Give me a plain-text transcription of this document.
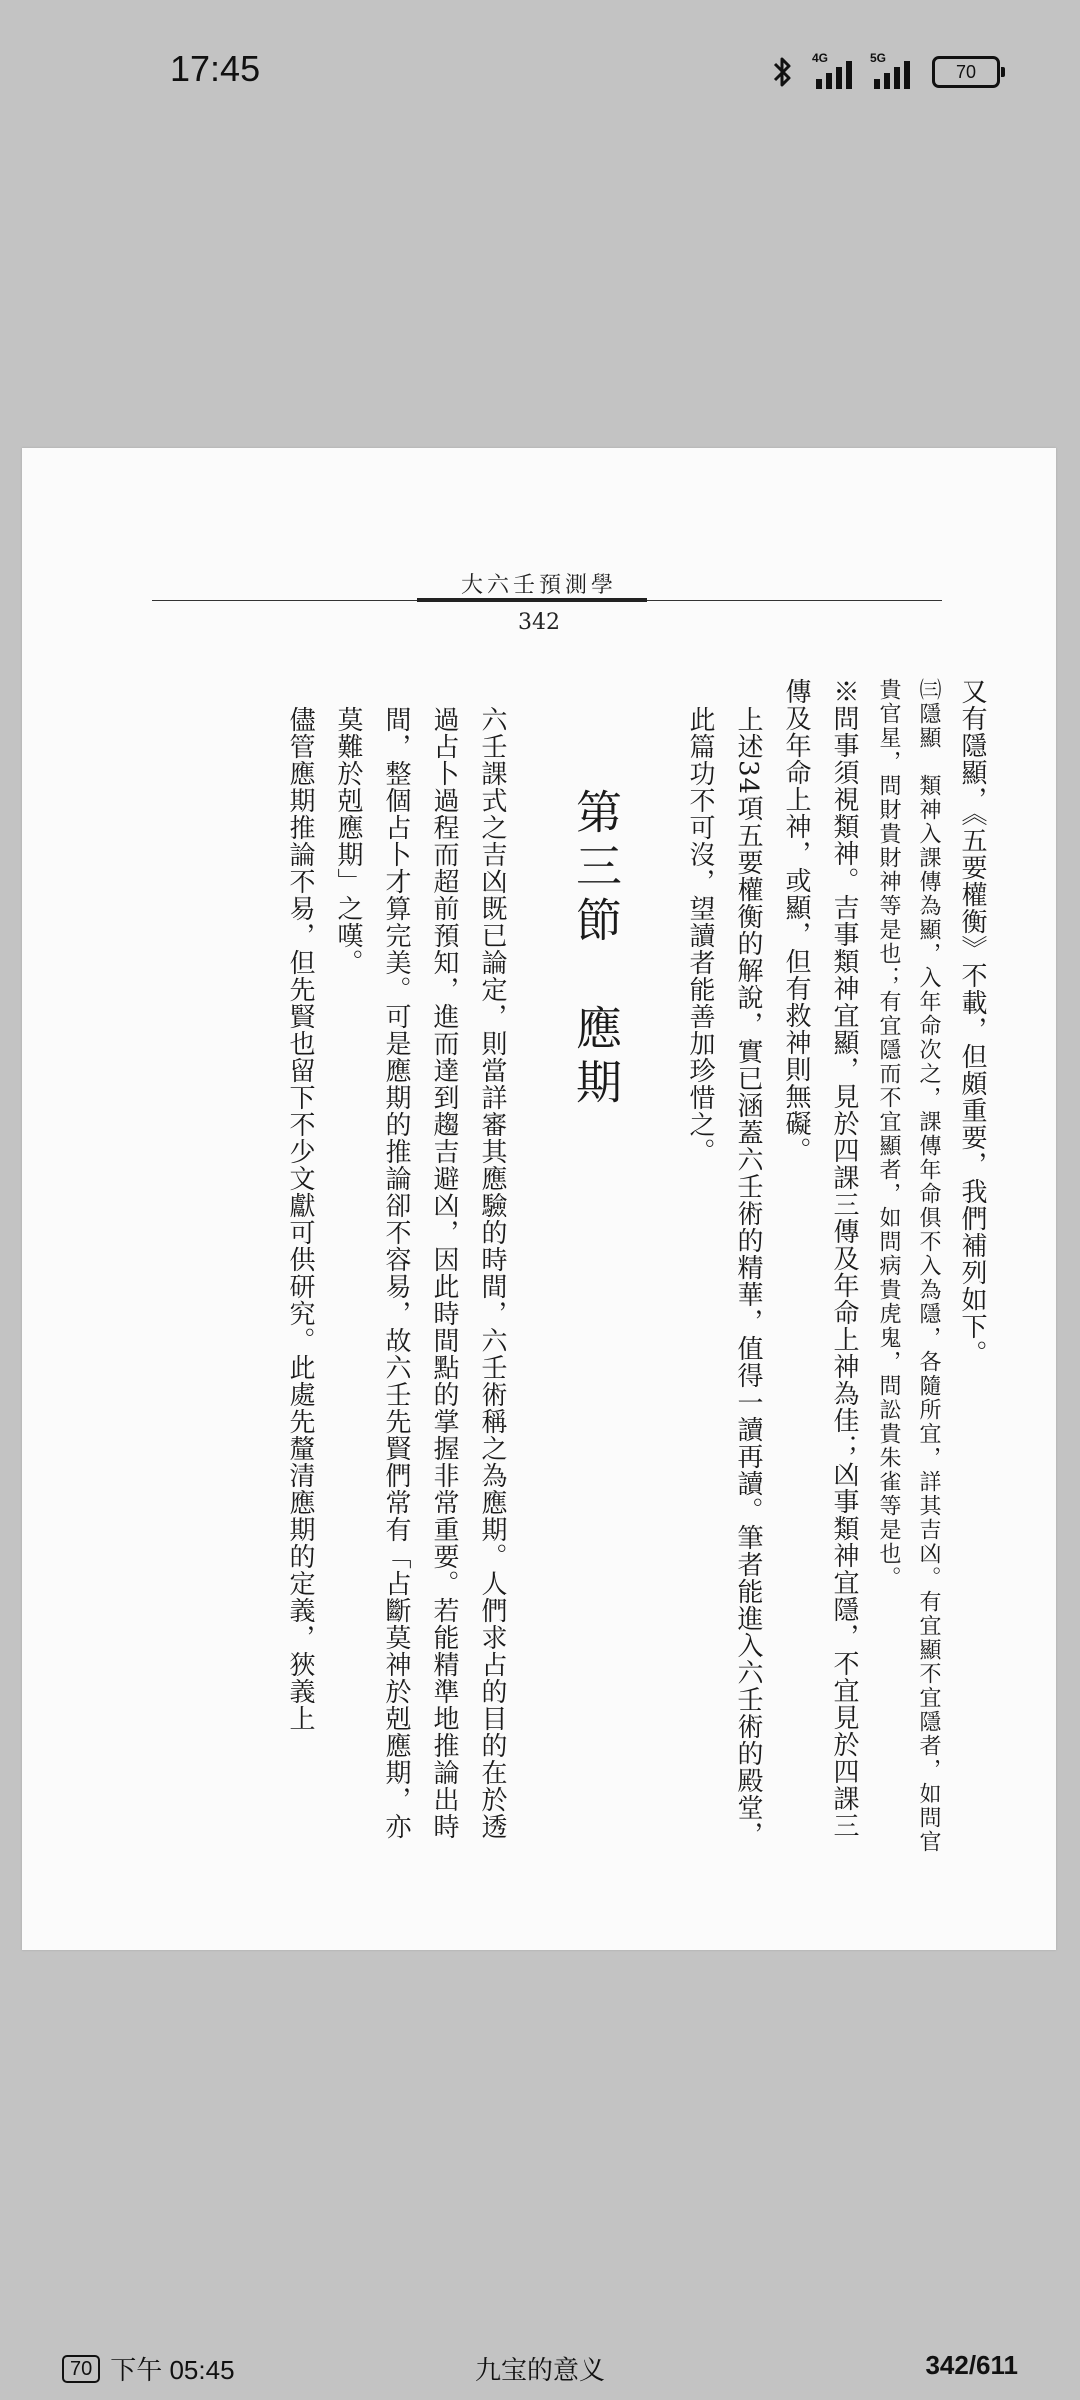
17:45	4G	5G
70
大六壬預測學
342

又有隱顯，《五要權衡》不載，但頗重要，我們補列如下。

㈢隱顯　類神入課傳為顯，入年命次之，課傳年命俱不入為隱，各隨所宜，詳其吉凶。有宜顯不宜隱者，如問官貴官星，問財貴財神等是也；有宜隱而不宜顯者，如問病貴虎鬼，問訟貴朱雀等是也。

※問事須視類神。吉事類神宜顯，見於四課三傳及年命上神為佳；凶事類神宜隱，不宜見於四課三傳及年命上神，或顯，但有救神則無礙。

上述34項五要權衡的解說，實已涵蓋六壬術的精華，值得一讀再讀。筆者能進入六壬術的殿堂，此篇功不可沒，望讀者能善加珍惜之。

第三節　應期

六壬課式之吉凶既已論定，則當詳審其應驗的時間，六壬術稱之為應期。人們求占的目的在於透過占卜過程而超前預知，進而達到趨吉避凶，因此時間點的掌握非常重要。若能精準地推論出時間，整個占卜才算完美。可是應期的推論卻不容易，故六壬先賢們常有「占斷莫神於剋應期，亦莫難於剋應期」之嘆。

儘管應期推論不易，但先賢也留下不少文獻可供研究。此處先釐清應期的定義，狹義上

70 下午 05:45	九宝的意义	342/611
